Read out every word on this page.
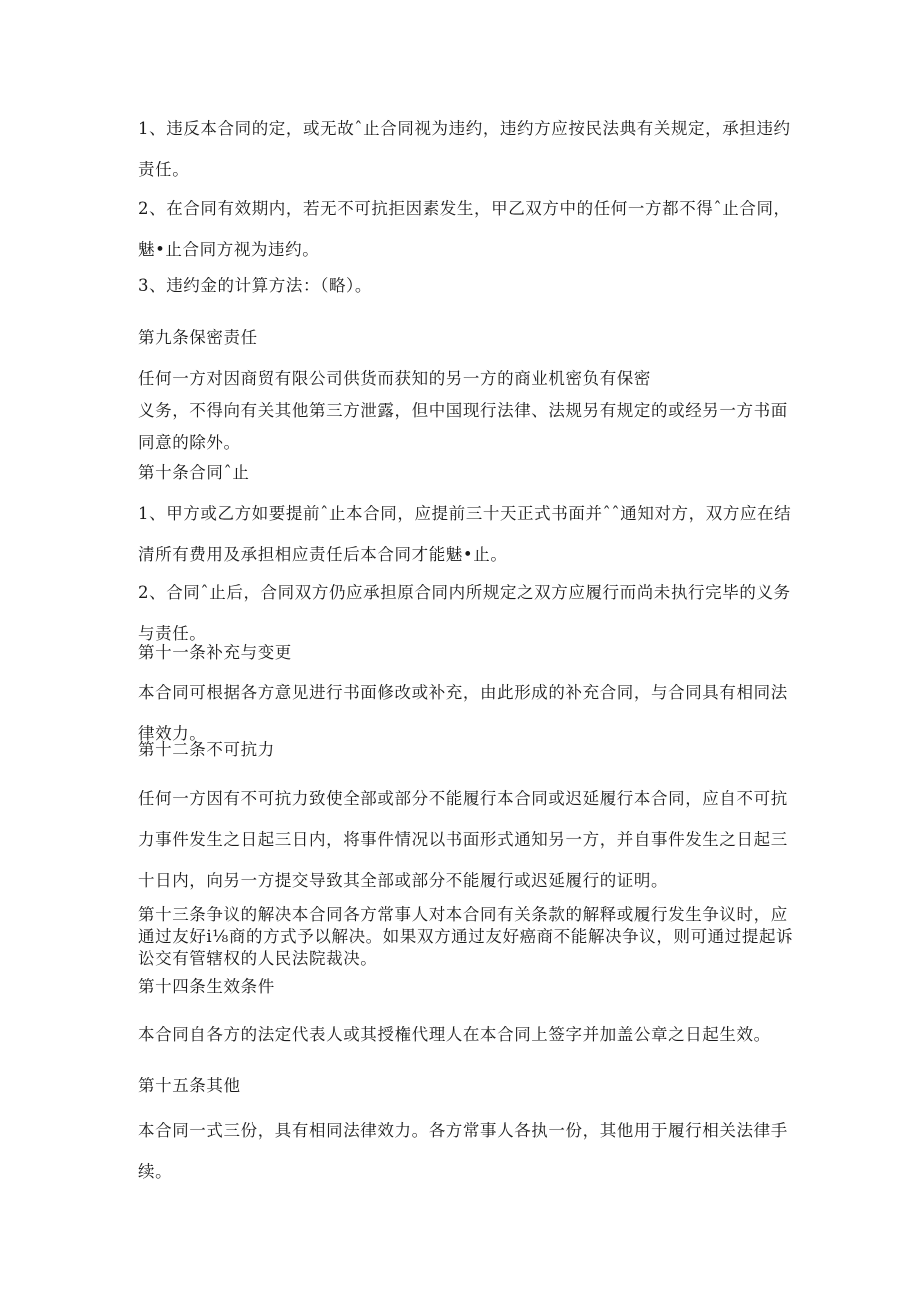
1、违反本合同的定，或无故ˆ止合同视为违约，违约方应按民法典有关规定，承担违约
责任。

2、在合同有效期内，若无不可抗拒因素发生，甲乙双方中的任何一方都不得ˆ止合同，
魅•止合同方视为违约。

3、违约金的计算方法：（略）。

第九条保密责任

任何一方对因商贸有限公司供货而获知的另一方的商业机密负有保密
义务，不得向有关其他第三方泄露，但中国现行法律、法规另有规定的或经另一方书面
同意的除外。

第十条合同ˆ止

1、甲方或乙方如要提前ˆ止本合同，应提前三十天正式书面并ˆˆ通知对方，双方应在结
清所有费用及承担相应责任后本合同才能魅•止。

2、合同ˆ止后，合同双方仍应承担原合同内所规定之双方应履行而尚未执行完毕的义务
与责任。

第十一条补充与变更

本合同可根据各方意见进行书面修改或补充，由此形成的补充合同，与合同具有相同法
律效力。

第十二条不可抗力

任何一方因有不可抗力致使全部或部分不能履行本合同或迟延履行本合同，应自不可抗
力事件发生之日起三日内，将事件情况以书面形式通知另一方，并自事件发生之日起三
十日内，向另一方提交导致其全部或部分不能履行或迟延履行的证明。

第十三条争议的解决本合同各方常事人对本合同有关条款的解释或履行发生争议时，应
通过友好i⅛商的方式予以解决。如果双方通过友好癌商不能解决争议，则可通过提起诉
讼交有管辖权的人民法院裁决。

第十四条生效条件

本合同自各方的法定代表人或其授権代理人在本合同上签字并加盖公章之日起生效。

第十五条其他

本合同一式三份，具有相同法律效力。各方常事人各执一份，其他用于履行相关法律手
续。
